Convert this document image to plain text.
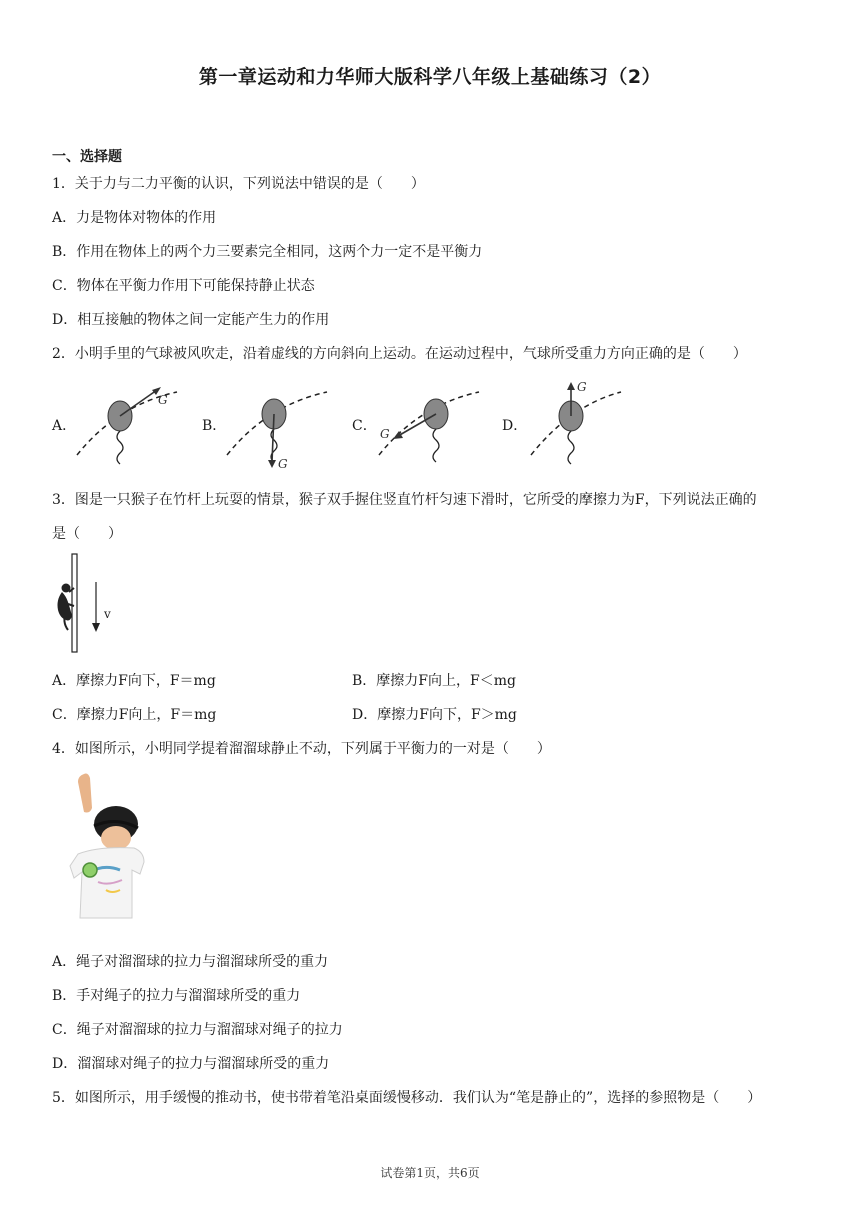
第一章运动和力华师大版科学八年级上基础练习（2）
一、选择题
1．关于力与二力平衡的认识，下列说法中错误的是（　　）
A．力是物体对物体的作用
B．作用在物体上的两个力三要素完全相同，这两个力一定不是平衡力
C．物体在平衡力作用下可能保持静止状态
D．相互接触的物体之间一定能产生力的作用
2．小明手里的气球被风吹走，沿着虚线的方向斜向上运动。在运动过程中，气球所受重力方向正确的是（　　）
A．
G
B．
G
C． G	D．
G
3．图是一只猴子在竹杆上玩耍的情景，猴子双手握住竖直竹杆匀速下滑时，它所受的摩擦力为F，下列说法正确的
是（　　）
v
A．摩擦力F向下，F＝mg	B．摩擦力F向上，F＜mg
C．摩擦力F向上，F＝mg	D．摩擦力F向下，F＞mg
4．如图所示，小明同学提着溜溜球静止不动，下列属于平衡力的一对是（　　）
A．绳子对溜溜球的拉力与溜溜球所受的重力
B．手对绳子的拉力与溜溜球所受的重力
C．绳子对溜溜球的拉力与溜溜球对绳子的拉力
D．溜溜球对绳子的拉力与溜溜球所受的重力
5．如图所示，用手缓慢的推动书，使书带着笔沿桌面缓慢移动．我们认为“笔是静止的”，选择的参照物是（　　）
试卷第1页，共6页
